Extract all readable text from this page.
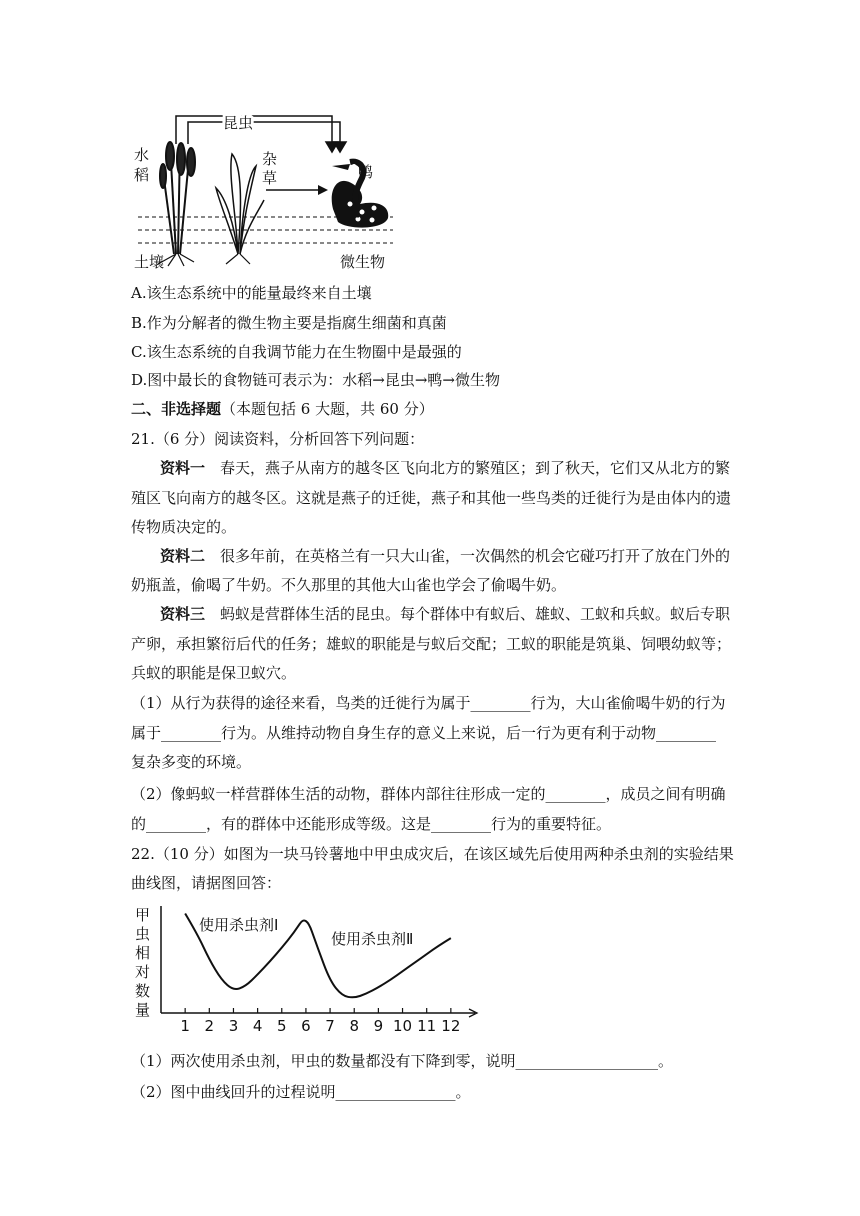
昆虫
水
稻
杂
草	鸭
土壤	微生物
A.该生态系统中的能量最终来自土壤
B.作为分解者的微生物主要是指腐生细菌和真菌
C.该生态系统的自我调节能力在生物圈中是最强的
D.图中最长的食物链可表示为：水稻→昆虫→鸭→微生物
二、非选择题（本题包括 6 大题，共 60 分）
21.（6 分）阅读资料，分析回答下列问题：
资料一　春天，燕子从南方的越冬区飞向北方的繁殖区；到了秋天，它们又从北方的繁
殖区飞向南方的越冬区。这就是燕子的迁徙，燕子和其他一些鸟类的迁徙行为是由体内的遗
传物质决定的。
资料二　很多年前，在英格兰有一只大山雀，一次偶然的机会它碰巧打开了放在门外的
奶瓶盖，偷喝了牛奶。不久那里的其他大山雀也学会了偷喝牛奶。
资料三　蚂蚁是营群体生活的昆虫。每个群体中有蚁后、雄蚁、工蚁和兵蚁。蚁后专职
产卵，承担繁衍后代的任务；雄蚁的职能是与蚁后交配；工蚁的职能是筑巢、饲喂幼蚁等；
兵蚁的职能是保卫蚁穴。
（1）从行为获得的途径来看，鸟类的迁徙行为属于________行为，大山雀偷喝牛奶的行为
属于________行为。从维持动物自身生存的意义上来说，后一行为更有利于动物________
复杂多变的环境。
（2）像蚂蚁一样营群体生活的动物，群体内部往往形成一定的________，成员之间有明确
的________，有的群体中还能形成等级。这是________行为的重要特征。
22.（10 分）如图为一块马铃薯地中甲虫成灾后，在该区域先后使用两种杀虫剂的实验结果
曲线图，请据图回答：
甲
虫
相
对
数
量
1 2 3 4 5 6 7 8 9 10 11 12
使用杀虫剂Ⅰ
使用杀虫剂Ⅱ
（1）两次使用杀虫剂，甲虫的数量都没有下降到零，说明___________________。
（2）图中曲线回升的过程说明________________。
